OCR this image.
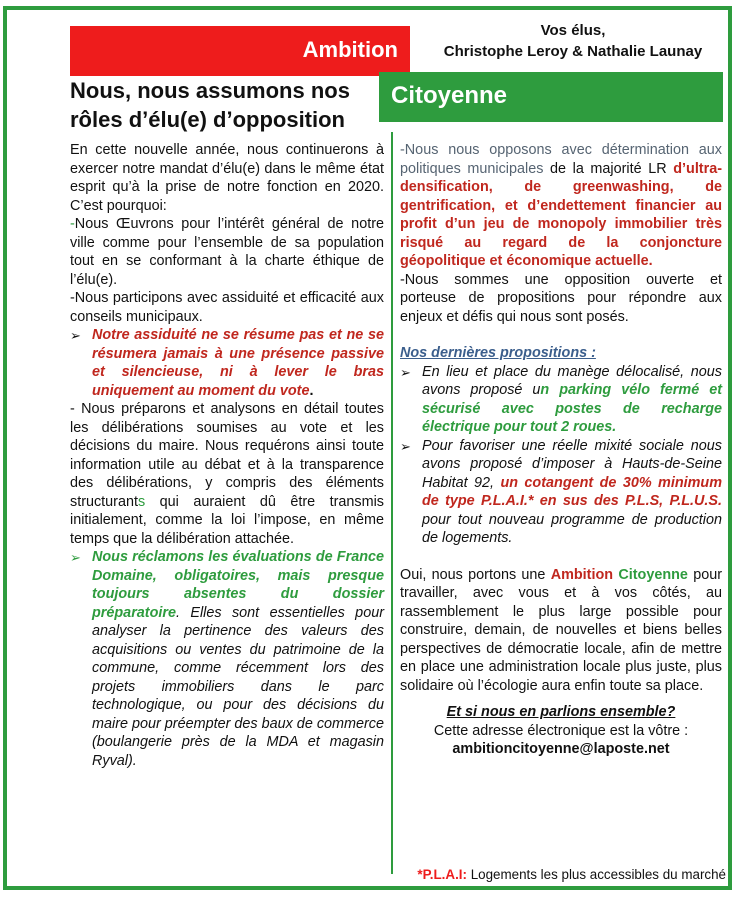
Ambition
Citoyenne
Vos élus,
Christophe Leroy & Nathalie Launay
Nous, nous assumons nos rôles d’élu(e) d’opposition

En cette nouvelle année, nous continuerons à exercer notre mandat d’élu(e) dans le même état esprit qu’à la prise de notre fonction en 2020. C’est pourquoi:

-Nous Œuvrons pour l’intérêt général de notre ville comme pour l’ensemble de sa population tout en se conformant à la charte éthique de l’élu(e).

-Nous participons avec assiduité et efficacité aux conseils municipaux.

➢ Notre assiduité ne se résume pas et ne se résumera jamais à une présence passive et silencieuse, ni à lever le bras uniquement au moment du vote.

- Nous préparons et analysons en détail toutes les délibérations soumises au vote et les décisions du maire. Nous requérons ainsi toute information utile au débat et à la transparence des délibérations, y compris des éléments structurants qui auraient dû être transmis initialement, comme la loi l’impose, en même temps que la délibération attachée.

➢ Nous réclamons les évaluations de France Domaine, obligatoires, mais presque toujours absentes du dossier préparatoire. Elles sont essentielles pour analyser la pertinence des valeurs des acquisitions ou ventes du patrimoine de la commune, comme récemment lors des projets immobiliers dans le parc technologique, ou pour des décisions du maire pour préempter des baux de commerce (boulangerie près de la MDA et magasin Ryval).

-Nous nous opposons avec détermination aux politiques municipales de la majorité LR d’ultra-densification, de greenwashing, de gentrification, et d’endettement financier au profit d’un jeu de monopoly immobilier très risqué au regard de la conjoncture géopolitique et économique actuelle.

-Nous sommes une opposition ouverte et porteuse de propositions pour répondre aux enjeux et défis qui nous sont posés.

Nos dernières propositions :

➢ En lieu et place du manège délocalisé, nous avons proposé un parking vélo fermé et sécurisé avec postes de recharge électrique pour tout 2 roues.
➢ Pour favoriser une réelle mixité sociale nous avons proposé d’imposer à Hauts-de-Seine Habitat 92, un cotangent de 30% minimum de type P.L.A.I.* en sus des P.L.S, P.L.U.S. pour tout nouveau programme de production de logements.

Oui, nous portons une Ambition Citoyenne pour travailler, avec vous et à vos côtés, au rassemblement le plus large possible pour construire, demain, de nouvelles et biens belles perspectives de démocratie locale, afin de mettre en place une administration locale plus juste, plus solidaire où l’écologie aura enfin toute sa place.

Et si nous en parlions ensemble?

Cette adresse électronique est la vôtre :

ambitioncitoyenne@laposte.net

*P.L.A.I: Logements les plus accessibles du marché
